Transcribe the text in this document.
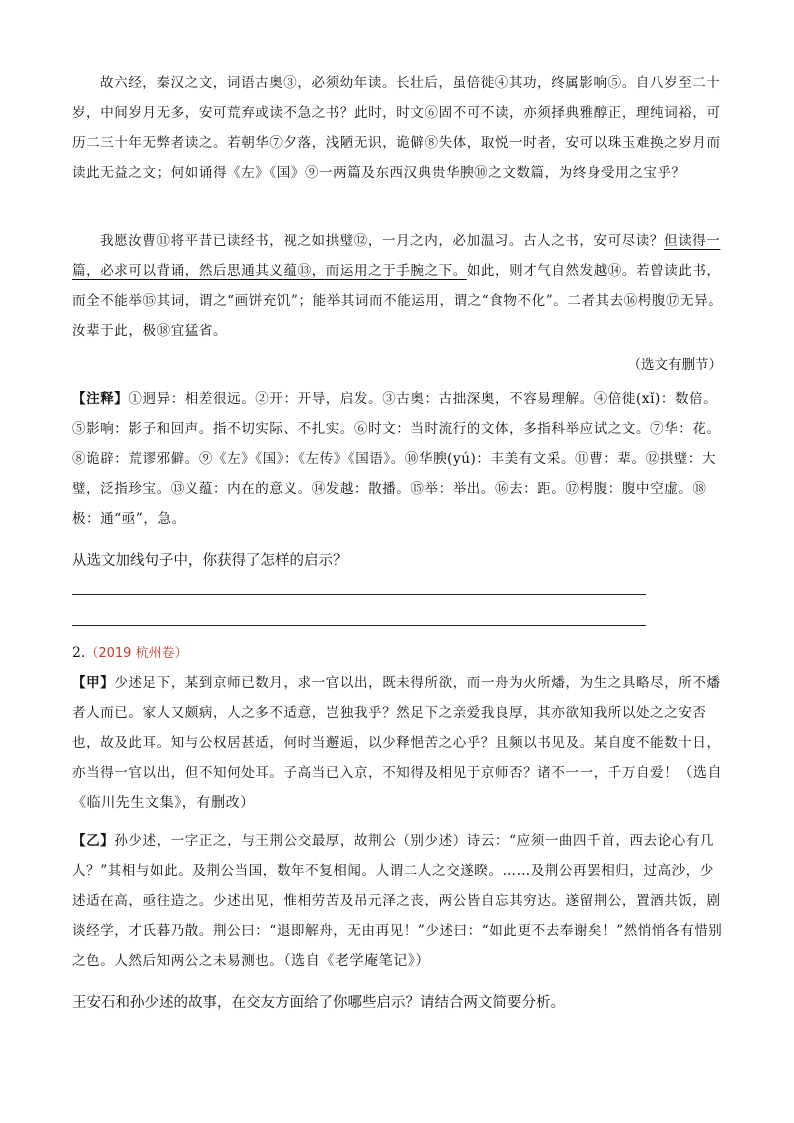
故六经，秦汉之文，词语古奥③，必须幼年读。长壮后，虽倍徙④其功，终属影响⑤。自八岁至二十岁，中间岁月无多，安可荒弃或读不急之书？此时，时文⑥固不可不读，亦须择典雅醇正，理纯词裕，可历二三十年无弊者读之。若朝华⑦夕落，浅陋无识，诡僻⑧失体，取悦一时者，安可以珠玉难换之岁月而读此无益之文；何如诵得《左》《国》⑨一两篇及东西汉典贵华腴⑩之文数篇，为终身受用之宝乎？

我愿汝曹⑪将平昔已读经书，视之如拱璧⑫，一月之内，必加温习。古人之书，安可尽读？但读得一篇，必求可以背诵，然后思通其义蕴⑬，而运用之于手腕之下。如此，则才气自然发越⑭。若曾读此书，而全不能举⑮其词，谓之“画饼充饥”；能举其词而不能运用，谓之“食物不化”。二者其去⑯枵腹⑰无异。汝辈于此，极⑱宜猛省。

（选文有删节）

【注释】①迥异：相差很远。②开：开导，启发。③古奥：古拙深奥，不容易理解。④倍徙(xǐ)：数倍。⑤影响：影子和回声。指不切实际、不扎实。⑥时文：当时流行的文体，多指科举应试之文。⑦华：花。⑧诡辟：荒谬邪僻。⑨《左》《国》：《左传》《国语》。⑩华腴(yú)：丰美有文采。⑪曹：辈。⑫拱璧：大璧，泛指珍宝。⑬义蕴：内在的意义。⑭发越：散播。⑮举：举出。⑯去：距。⑰枵腹：腹中空虚。⑱极：通“亟”，急。

从选文加线句子中，你获得了怎样的启示？

2.（2019 杭州卷）

【甲】少述足下，某到京师已数月，求一官以出，既未得所欲，而一舟为火所燔，为生之具略尽，所不燔者人而已。家人又颇病，人之多不适意，岂独我乎？然足下之亲爱我良厚，其亦欲知我所以处之之安否也，故及此耳。知与公权居甚适，何时当邂逅，以少释悒苦之心乎？且频以书见及。某自度不能数十日，亦当得一官以出，但不知何处耳。子高当已入京，不知得及相见于京师否？诸不一一，千万自爱！（选自《临川先生文集》，有删改）

【乙】孙少述，一字正之，与王荆公交最厚，故荆公（别少述）诗云：“应须一曲四千首，西去论心有几人？”其相与如此。及荆公当国，数年不复相闻。人谓二人之交遂睽。……及荆公再罢相归，过高沙，少述适在高，亟往造之。少述出见，惟相劳苦及吊元泽之丧，两公皆自忘其穷达。遂留荆公，置酒共饭，剧谈经学，才氏暮乃散。荆公曰：“退即解舟，无由再见！”少述曰：“如此更不去奉谢矣！”然悄悄各有惜别之色。人然后知两公之未易测也。（选自《老学庵笔记》）

王安石和孙少述的故事，在交友方面给了你哪些启示？请结合两文简要分析。
